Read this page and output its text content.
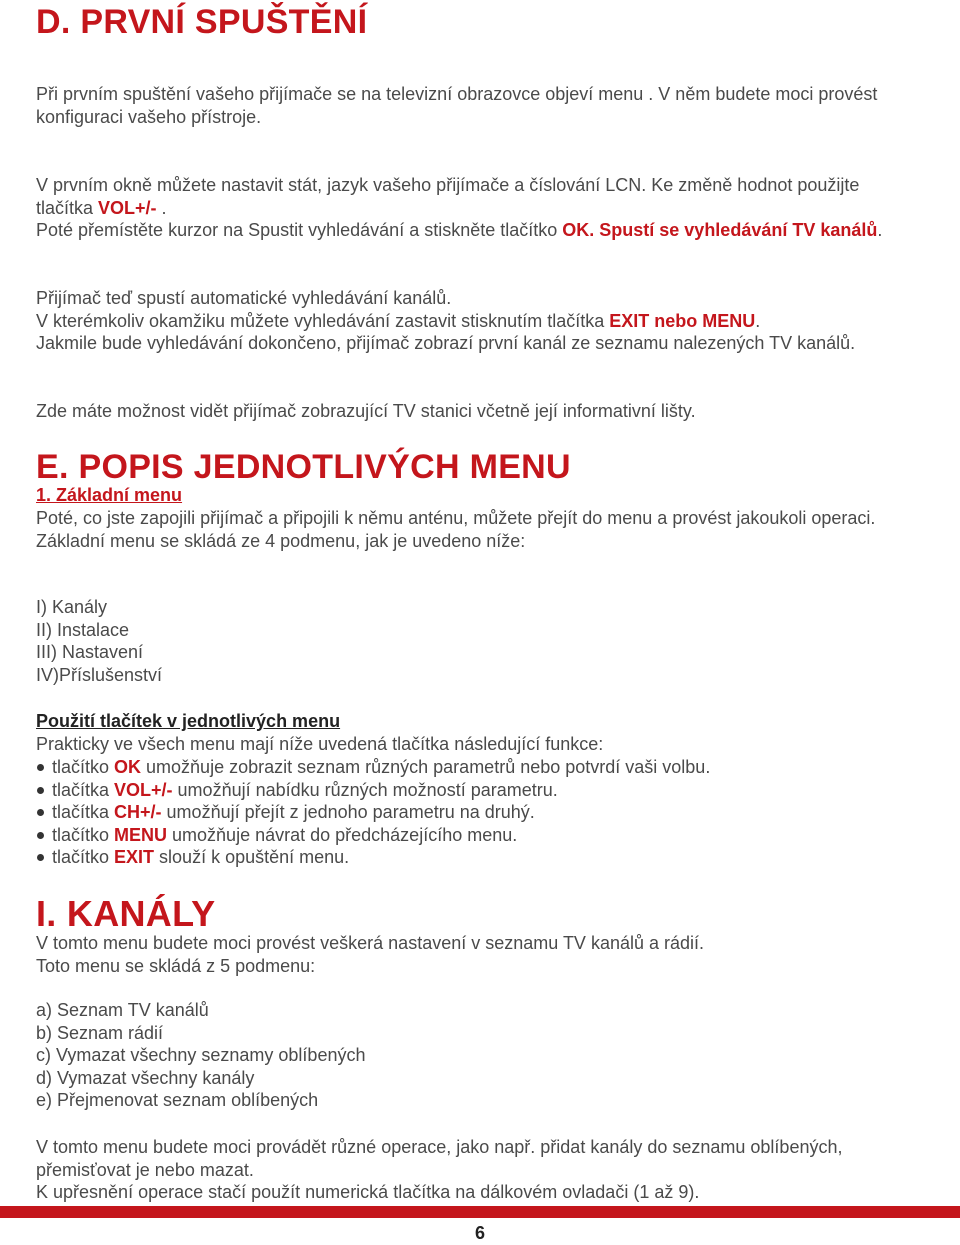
D. PRVNÍ SPUŠTĚNÍ
Při prvním spuštění vašeho přijímače se na televizní obrazovce objeví menu . V něm budete moci provést
konfiguraci vašeho přístroje.
V prvním okně můžete nastavit stát, jazyk vašeho přijímače a číslování LCN. Ke změně hodnot použijte
tlačítka VOL+/- .
Poté přemístěte kurzor na Spustit vyhledávání a stiskněte tlačítko OK. Spustí se vyhledávání TV kanálů.
Přijímač teď spustí automatické vyhledávání kanálů.
V kterémkoliv okamžiku můžete vyhledávání zastavit stisknutím tlačítka EXIT nebo MENU.
Jakmile bude vyhledávání dokončeno, přijímač zobrazí první kanál ze seznamu nalezených TV kanálů.
Zde máte možnost vidět přijímač zobrazující TV stanici včetně její informativní lišty.
E. POPIS JEDNOTLIVÝCH MENU
1. Základní menu
Poté, co jste zapojili přijímač a připojili k němu anténu, můžete přejít do menu a provést jakoukoli operaci.
Základní menu se skládá ze 4 podmenu, jak je uvedeno níže:
I) Kanály
II) Instalace
III) Nastavení
IV)Příslušenství
Použití tlačítek v jednotlivých menu
Prakticky ve všech menu mají níže uvedená tlačítka následující funkce:
tlačítko OK umožňuje zobrazit seznam různých parametrů nebo potvrdí vaši volbu.
tlačítka VOL+/- umožňují nabídku různých možností parametru.
tlačítka CH+/- umožňují přejít z jednoho parametru na druhý.
tlačítko MENU umožňuje návrat do předcházejícího menu.
tlačítko EXIT slouží k opuštění menu.
I. KANÁLY
V tomto menu budete moci provést veškerá nastavení v seznamu TV kanálů a rádií.
Toto menu se skládá z 5 podmenu:
a) Seznam TV kanálů
b) Seznam rádií
c) Vymazat všechny seznamy oblíbených
d) Vymazat všechny kanály
e) Přejmenovat seznam oblíbených
V tomto menu budete moci provádět různé operace, jako např. přidat kanály do seznamu oblíbených,
přemisťovat je nebo mazat.
K upřesnění operace stačí použít numerická tlačítka na dálkovém ovladači (1 až 9).
6
